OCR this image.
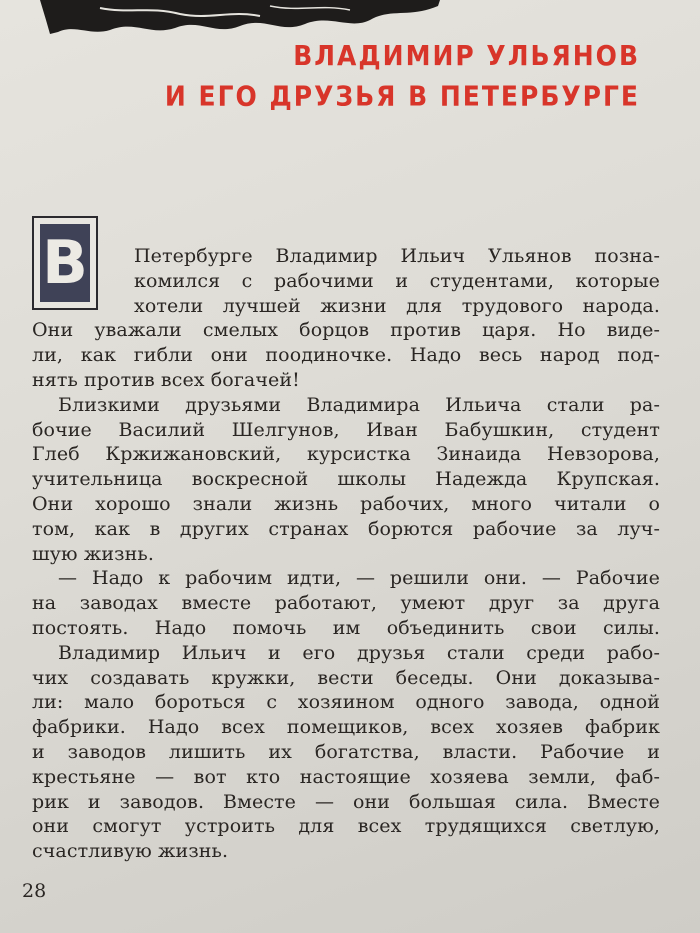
ВЛАДИМИР УЛЬЯНОВ
И ЕГО ДРУЗЬЯ В ПЕТЕРБУРГЕ
В	Петербурге Владимир Ильич Ульянов позна-
комился с рабочими и студентами, которые
хотели лучшей жизни для трудового народа.
Они уважали смелых борцов против царя. Но виде-
ли, как гибли они поодиночке. Надо весь народ под-
нять против всех богачей!
Близкими друзьями Владимира Ильича стали ра-
бочие Василий Шелгунов, Иван Бабушкин, студент
Глеб Кржижановский, курсистка Зинаида Невзорова,
учительница воскресной школы Надежда Крупская.
Они хорошо знали жизнь рабочих, много читали о
том, как в других странах борются рабочие за луч-
шую жизнь.
— Надо к рабочим идти, — решили они. — Рабочие
на заводах вместе работают, умеют друг за друга
постоять. Надо помочь им объединить свои силы.
Владимир Ильич и его друзья стали среди рабо-
чих создавать кружки, вести беседы. Они доказыва-
ли: мало бороться с хозяином одного завода, одной
фабрики. Надо всех помещиков, всех хозяев фабрик
и заводов лишить их богатства, власти. Рабочие и
крестьяне — вот кто настоящие хозяева земли, фаб-
рик и заводов. Вместе — они большая сила. Вместе
они смогут устроить для всех трудящихся светлую,
счастливую жизнь.
28
